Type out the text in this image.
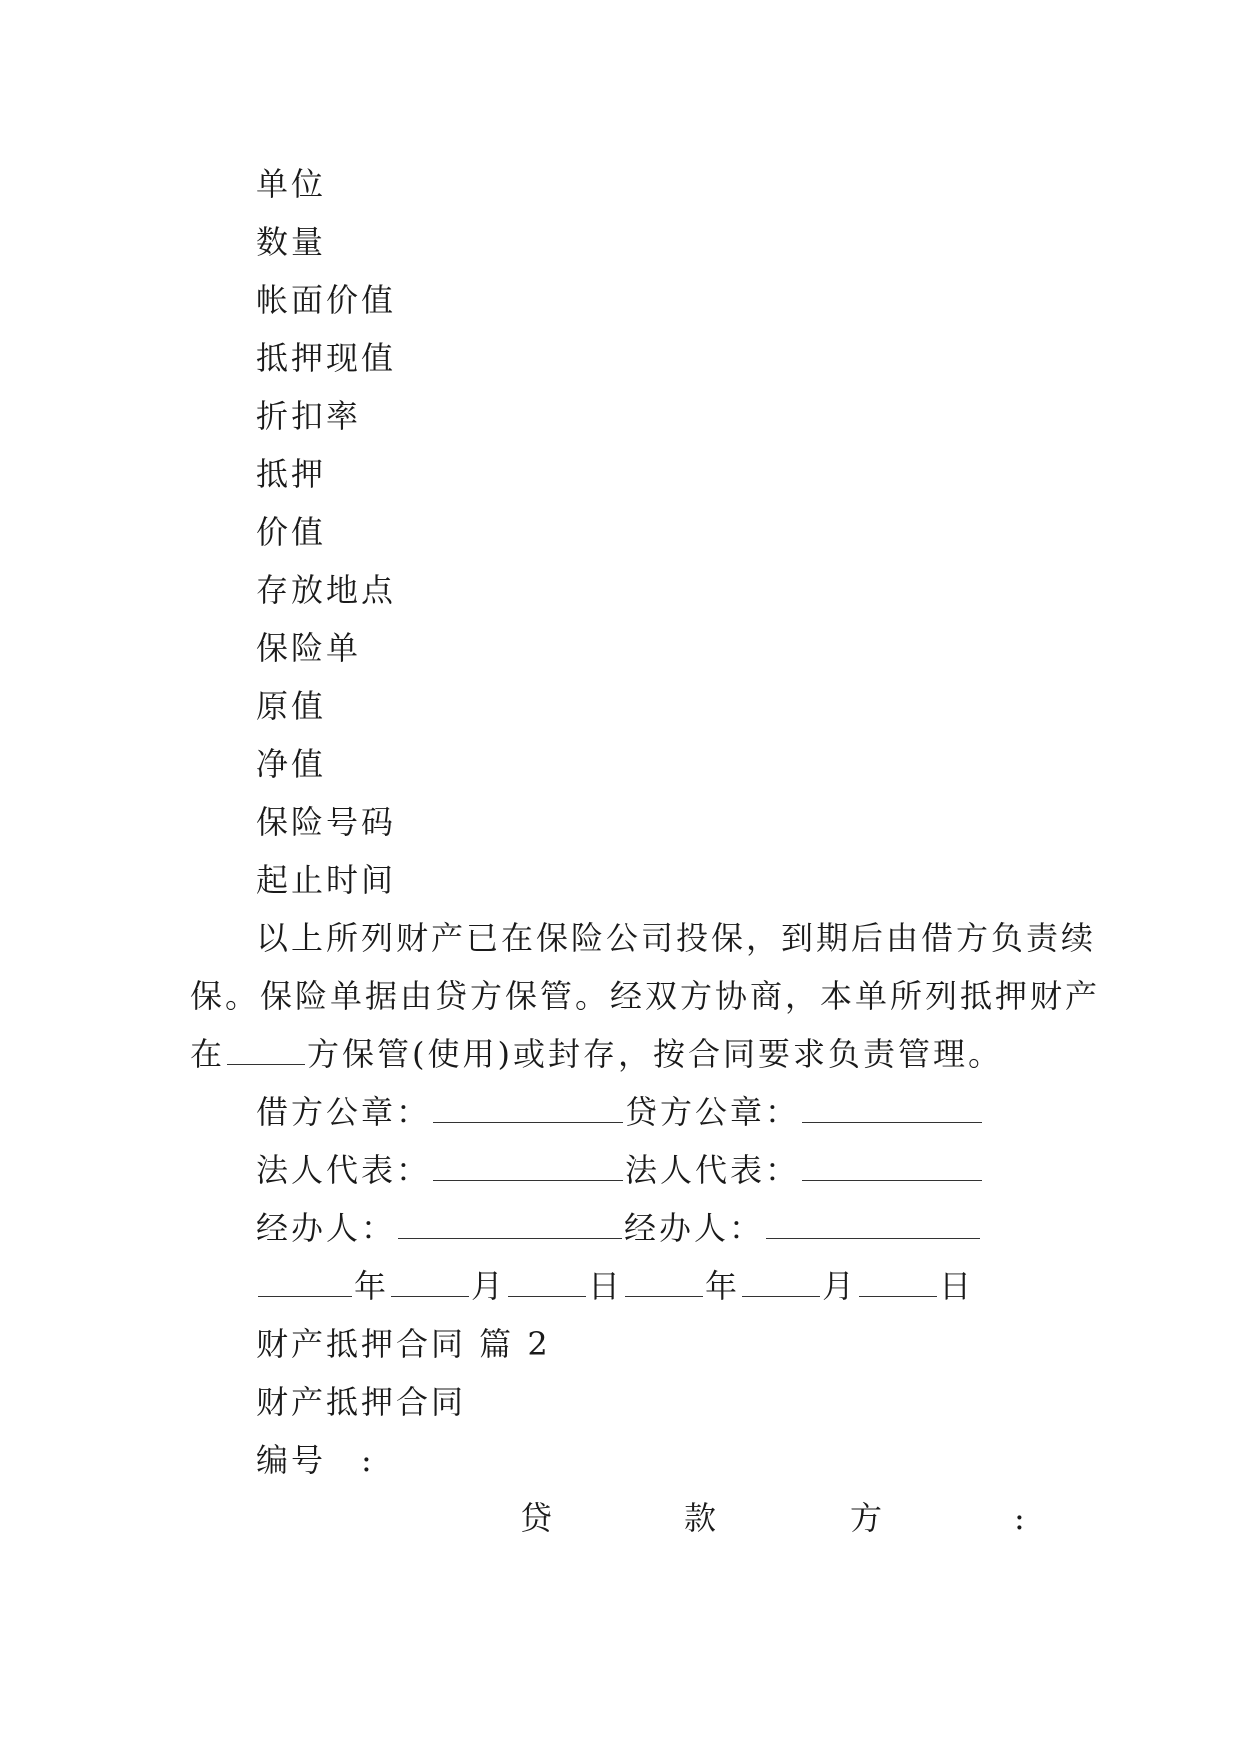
单位
数量
帐面价值
抵押现值
折扣率
抵押
价值
存放地点
保险单
原值
净值
保险号码
起止时间
以上所列财产已在保险公司投保，到期后由借方负责续
保。保险单据由贷方保管。经双方协商，本单所列抵押财产
在	方保管(使用)或封存，按合同要求负责管理。
借方公章：	贷方公章：
法人代表：	法人代表：
经办人：	经办人：
年	月	日	年	月	日
财产抵押合同 篇 2
财产抵押合同
编号　:
贷	款	方	:
